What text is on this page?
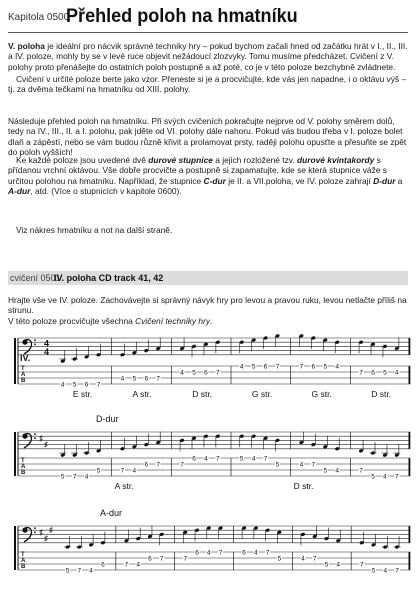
Kapitola 0500
Přehled poloh na hmatníku
V. poloha je ideální pro nácvik správné techniky hry – pokud bychom začali hned od začátku hrát v I., II., III. a IV. poloze, mohly by se v levé ruce objevit nežádoucí zlozvyky. Tomu musíme předcházet. Cvičení z V. polohy proto přenášejte do ostatních poloh postupně a až poté, co je v této poloze bezchybně zvládnete.
Cvičení v určité poloze berte jako vzor. Přeneste si je a procvičujte, kde vás jen napadne, i o oktávu výš – tj. za dvěma tečkami na hmatníku od XIII. polohy.
Následuje přehled poloh na hmatníku. Při svých cvičeních pokračujte nejprve od V. polohy směrem dolů, tedy na IV., III., II. a I. polohu, pak jděte od VI. polohy dále nahoru. Pokud vás budou třeba v I. poloze bolet dlaň a zápěstí, nebo se vám budou různě křivit a prolamovat prsty, raději polohu opusťte a přesuňte se zpět do poloh vyšších!
Ke každé poloze jsou uvedené dvě durové stupnice a jejich rozložené tzv. durové kvintakordy s přídanou vrchní oktávou. Vše dobře procvičte a postupně si zapamatujte, kde se která stupnice váže s určitou polohou na hmatníku. Například, že stupnice C-dur je II. a VII.poloha, ve IV. poloze zahrají D-dur a A-dur, atd. (Více o stupnicích v kapitole 0600).
Viz nákres hmatníku a not na další straně.
cvičení 0501
IV. poloha CD track 41, 42
Hrajte vše ve IV. poloze. Zachovávejte si správný návyk hry pro levou a pravou ruku, levou netlačte příliš na strunu.
V této poloze procvičujte všechna Cvičení techniky hry.
T
A
B
4
4
IV.
4 5 6 7
4 5 6 7
4 5 6 7
4 5 6 7	7 6 5 4
7 6 5 4
E str.	A str.	D str.	G str.	G str.	D str.
♯
♯
T
A
B
5 7 4
5	7 4
6 7	7
6 4 7	5 4 7
5	4 7
5 4	7
5 4 7
D-dur
A str.	D str.
♯
♯
♯
T
A
B
5 7 4
6	7 4
6 7	7
6 4 7	6 4 7
5	4 7
5 4	7
5 4 7
A-dur
